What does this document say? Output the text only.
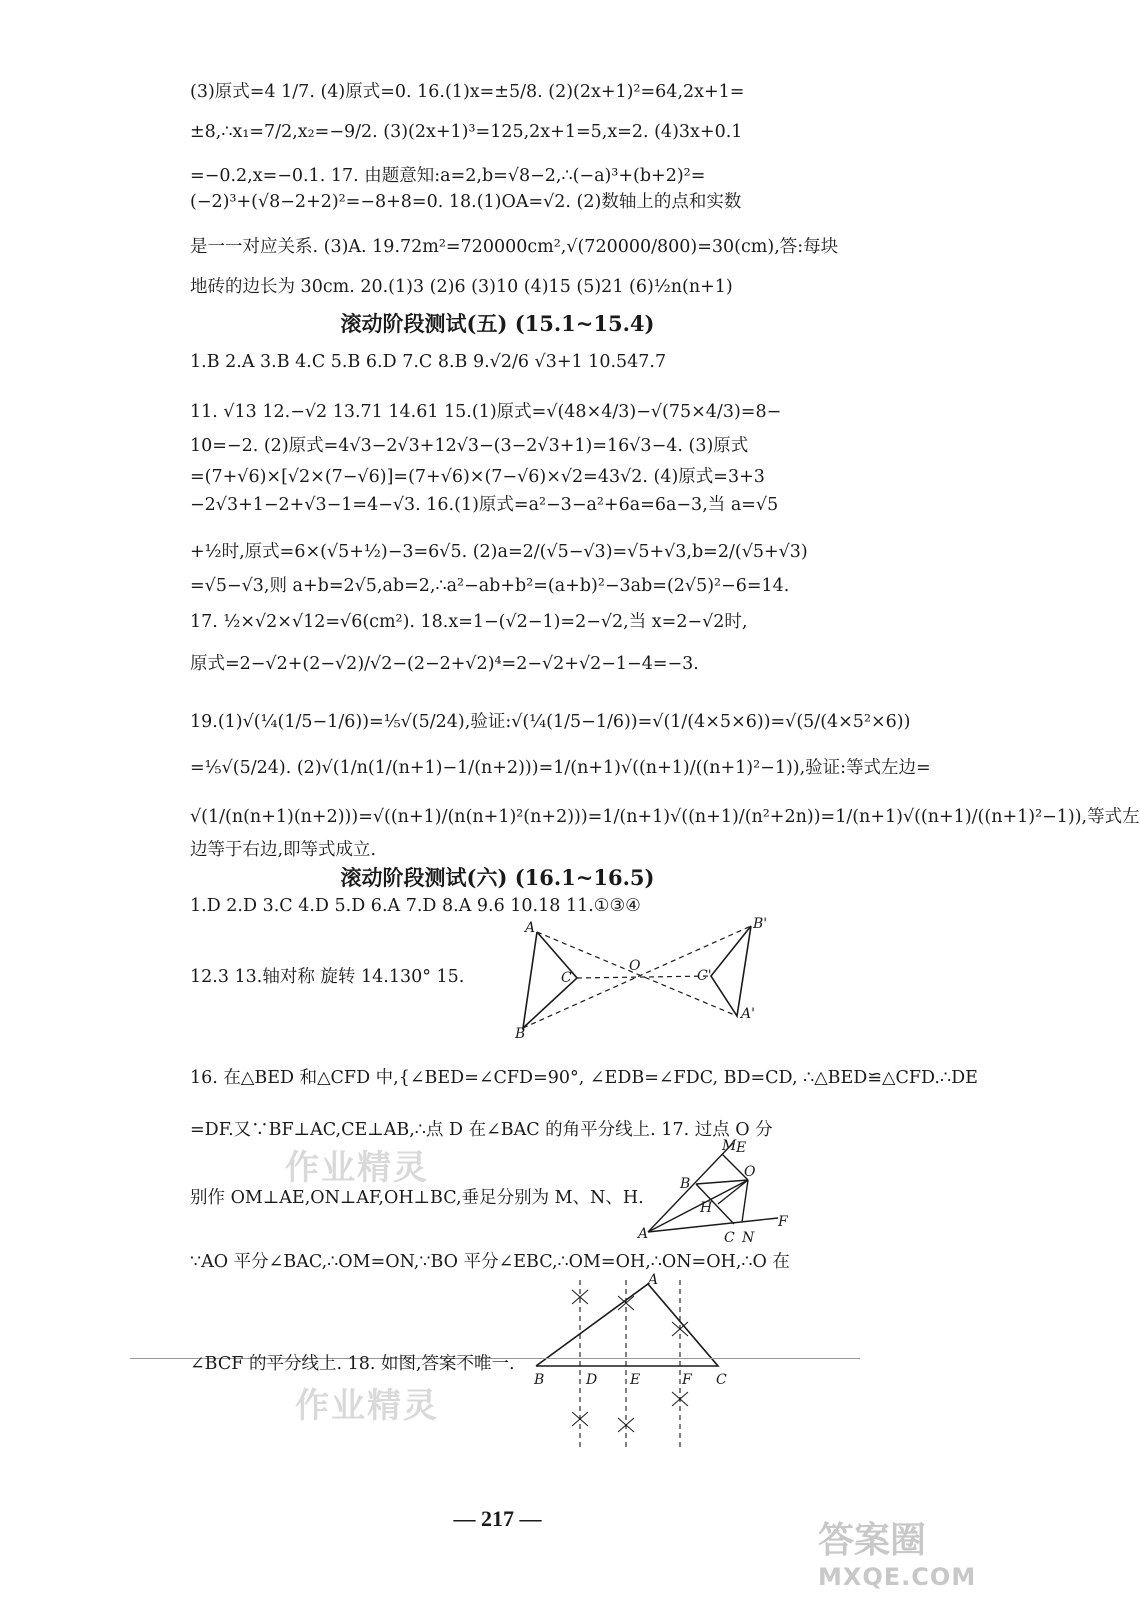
(3)原式=4 1/7. (4)原式=0. 16.(1)x=±5/8. (2)(2x+1)²=64,2x+1=
±8,∴x₁=7/2,x₂=−9/2. (3)(2x+1)³=125,2x+1=5,x=2. (4)3x+0.1
=−0.2,x=−0.1. 17. 由题意知:a=2,b=√8−2,∴(−a)³+(b+2)²=
(−2)³+(√8−2+2)²=−8+8=0. 18.(1)OA=√2. (2)数轴上的点和实数
是一一对应关系. (3)A. 19.72m²=720000cm²,√(720000/800)=30(cm),答:每块
地砖的边长为 30cm. 20.(1)3 (2)6 (3)10 (4)15 (5)21 (6)½n(n+1)
滚动阶段测试(五) (15.1~15.4)
1.B 2.A 3.B 4.C 5.B 6.D 7.C 8.B 9.√2/6 √3+1 10.547.7
11. √13 12.−√2 13.71 14.61 15.(1)原式=√(48×4/3)−√(75×4/3)=8−
10=−2. (2)原式=4√3−2√3+12√3−(3−2√3+1)=16√3−4. (3)原式
=(7+√6)×[√2×(7−√6)]=(7+√6)×(7−√6)×√2=43√2. (4)原式=3+3
−2√3+1−2+√3−1=4−√3. 16.(1)原式=a²−3−a²+6a=6a−3,当 a=√5
+½时,原式=6×(√5+½)−3=6√5. (2)a=2/(√5−√3)=√5+√3,b=2/(√5+√3)
=√5−√3,则 a+b=2√5,ab=2,∴a²−ab+b²=(a+b)²−3ab=(2√5)²−6=14.
17. ½×√2×√12=√6(cm²). 18.x=1−(√2−1)=2−√2,当 x=2−√2时,
原式=2−√2+(2−√2)/√2−(2−2+√2)⁴=2−√2+√2−1−4=−3.
19.(1)√(¼(1/5−1/6))=⅕√(5/24),验证:√(¼(1/5−1/6))=√(1/(4×5×6))=√(5/(4×5²×6))
=⅕√(5/24). (2)√(1/n(1/(n+1)−1/(n+2)))=1/(n+1)√((n+1)/((n+1)²−1)),验证:等式左边=
√(1/(n(n+1)(n+2)))=√((n+1)/(n(n+1)²(n+2)))=1/(n+1)√((n+1)/(n²+2n))=1/(n+1)√((n+1)/((n+1)²−1)),等式左
边等于右边,即等式成立.
滚动阶段测试(六) (16.1~16.5)
1.D 2.D 3.C 4.D 5.D 6.A 7.D 8.A 9.6 10.18 11.①③④
12.3 13.轴对称 旋转 14.130° 15.
A
B
C
O
B'
C'
A'
16. 在△BED 和△CFD 中,{∠BED=∠CFD=90°, ∠EDB=∠FDC, BD=CD, ∴△BED≌△CFD.∴DE
=DF.又∵BF⊥AC,CE⊥AB,∴点 D 在∠BAC 的角平分线上. 17. 过点 O 分
M E
B
O
H
A	C N
F
别作 OM⊥AE,ON⊥AF,OH⊥BC,垂足分别为 M、N、H.
∵AO 平分∠BAC,∴OM=ON,∵BO 平分∠EBC,∴OM=OH,∴ON=OH,∴O 在
A
B	D E	F C
∠BCF 的平分线上. 18. 如图,答案不唯一.
作业精灵
作业精灵
— 217 —
答案圈
MXQE.COM
